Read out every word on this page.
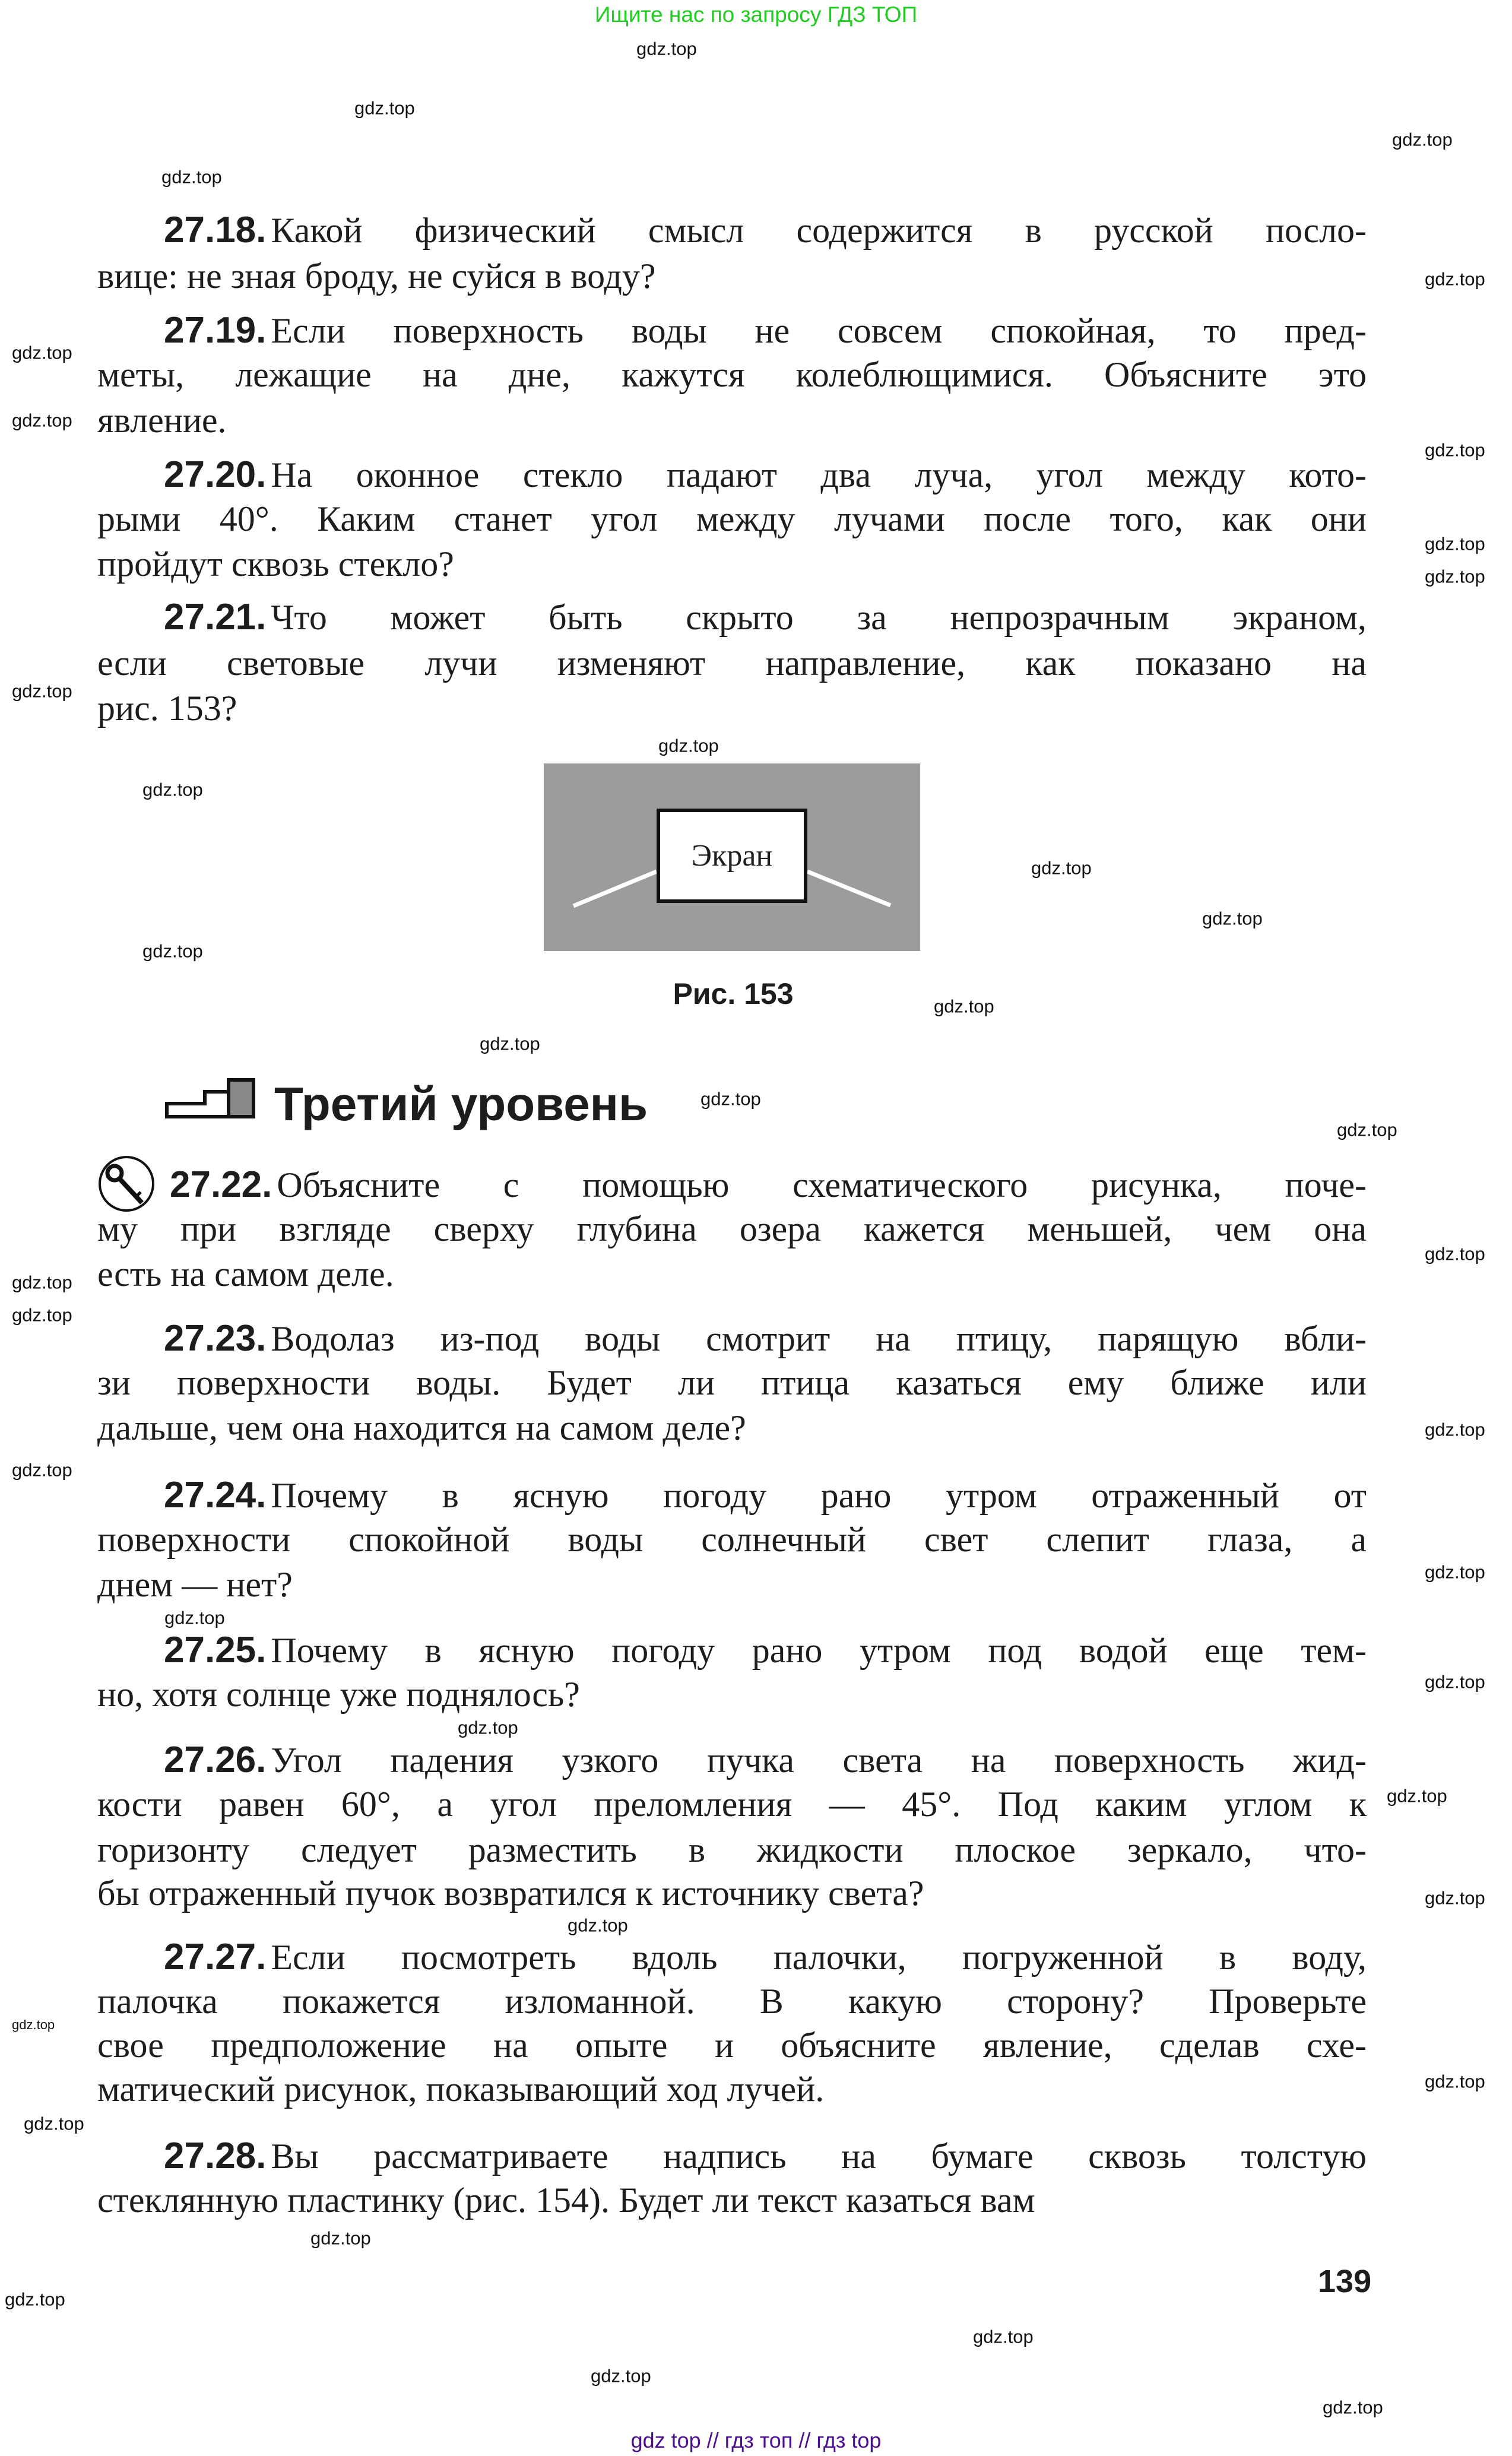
Ищите нас по запросу ГДЗ ТОП
27.18. Какой физический смысл содержится в русской посло-
вице: не зная броду, не суйся в воду?
27.19. Если поверхность воды не совсем спокойная, то пред-
меты, лежащие на дне, кажутся колеблющимися. Объясните это
явление.
27.20. На оконное стекло падают два луча, угол между кото-
рыми 40°. Каким станет угол между лучами после того, как они
пройдут сквозь стекло?
27.21. Что может быть скрыто за непрозрачным экраном,
если световые лучи изменяют направление, как показано на
рис. 153?
27.22. Объясните с помощью схематического рисунка, поче-
му при взгляде сверху глубина озера кажется меньшей, чем она
есть на самом деле.
27.23. Водолаз из-под воды смотрит на птицу, парящую вбли-
зи поверхности воды. Будет ли птица казаться ему ближе или
дальше, чем она находится на самом деле?
27.24. Почему в ясную погоду рано утром отраженный от
поверхности спокойной воды солнечный свет слепит глаза, а
днем — нет?
27.25. Почему в ясную погоду рано утром под водой еще тем-
но, хотя солнце уже поднялось?
27.26. Угол падения узкого пучка света на поверхность жид-
кости равен 60°, а угол преломления — 45°. Под каким углом к
горизонту следует разместить в жидкости плоское зеркало, что-
бы отраженный пучок возвратился к источнику света?
27.27. Если посмотреть вдоль палочки, погруженной в воду,
палочка покажется изломанной. В какую сторону? Проверьте
свое предположение на опыте и объясните явление, сделав схе-
матический рисунок, показывающий ход лучей.
27.28. Вы рассматриваете надпись на бумаге сквозь толстую
стеклянную пластинку (рис. 154). Будет ли текст казаться вам
Экран
Рис. 153
Третий уровень
139
gdz.top
gdz.top
gdz.top
gdz.top
gdz.top
gdz.top
gdz.top
gdz.top
gdz.top
gdz.top
gdz.top
gdz.top
gdz.top
gdz.top
gdz.top
gdz.top
gdz.top
gdz.top
gdz.top
gdz.top
gdz.top
gdz.top
gdz.top
gdz.top
gdz.top
gdz.top
gdz.top
gdz.top
gdz.top
gdz.top
gdz.top
gdz.top
gdz.top
gdz.top
gdz.top
gdz.top
gdz.top
gdz.top
gdz.top
gdz.top
gdz top // гдз топ // гдз top
